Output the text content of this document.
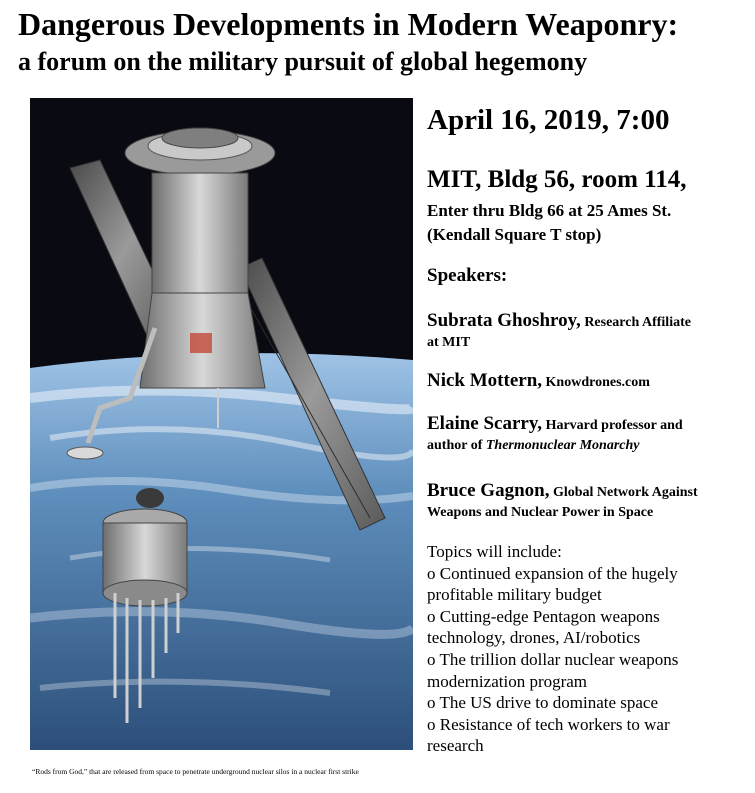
Dangerous Developments in Modern Weaponry:
a forum on the military pursuit of global hegemony
“Rods from God,” that are released from space to penetrate underground nuclear silos in a nuclear first strike
April 16, 2019, 7:00
MIT, Bldg 56, room 114,
Enter thru Bldg 66 at 25 Ames St.
(Kendall Square T stop)
Speakers:
Subrata Ghoshroy, Research Affiliate
at MIT
Nick Mottern, Knowdrones.com
Elaine Scarry, Harvard professor and
author of Thermonuclear Monarchy
Bruce Gagnon, Global Network Against
Weapons and Nuclear Power in Space
Topics will include:
o Continued expansion of the hugely
profitable military budget
o Cutting-edge Pentagon weapons
technology, drones, AI/robotics
o The trillion dollar nuclear weapons
modernization program
o The US drive to dominate space
o Resistance of tech workers to war
research
